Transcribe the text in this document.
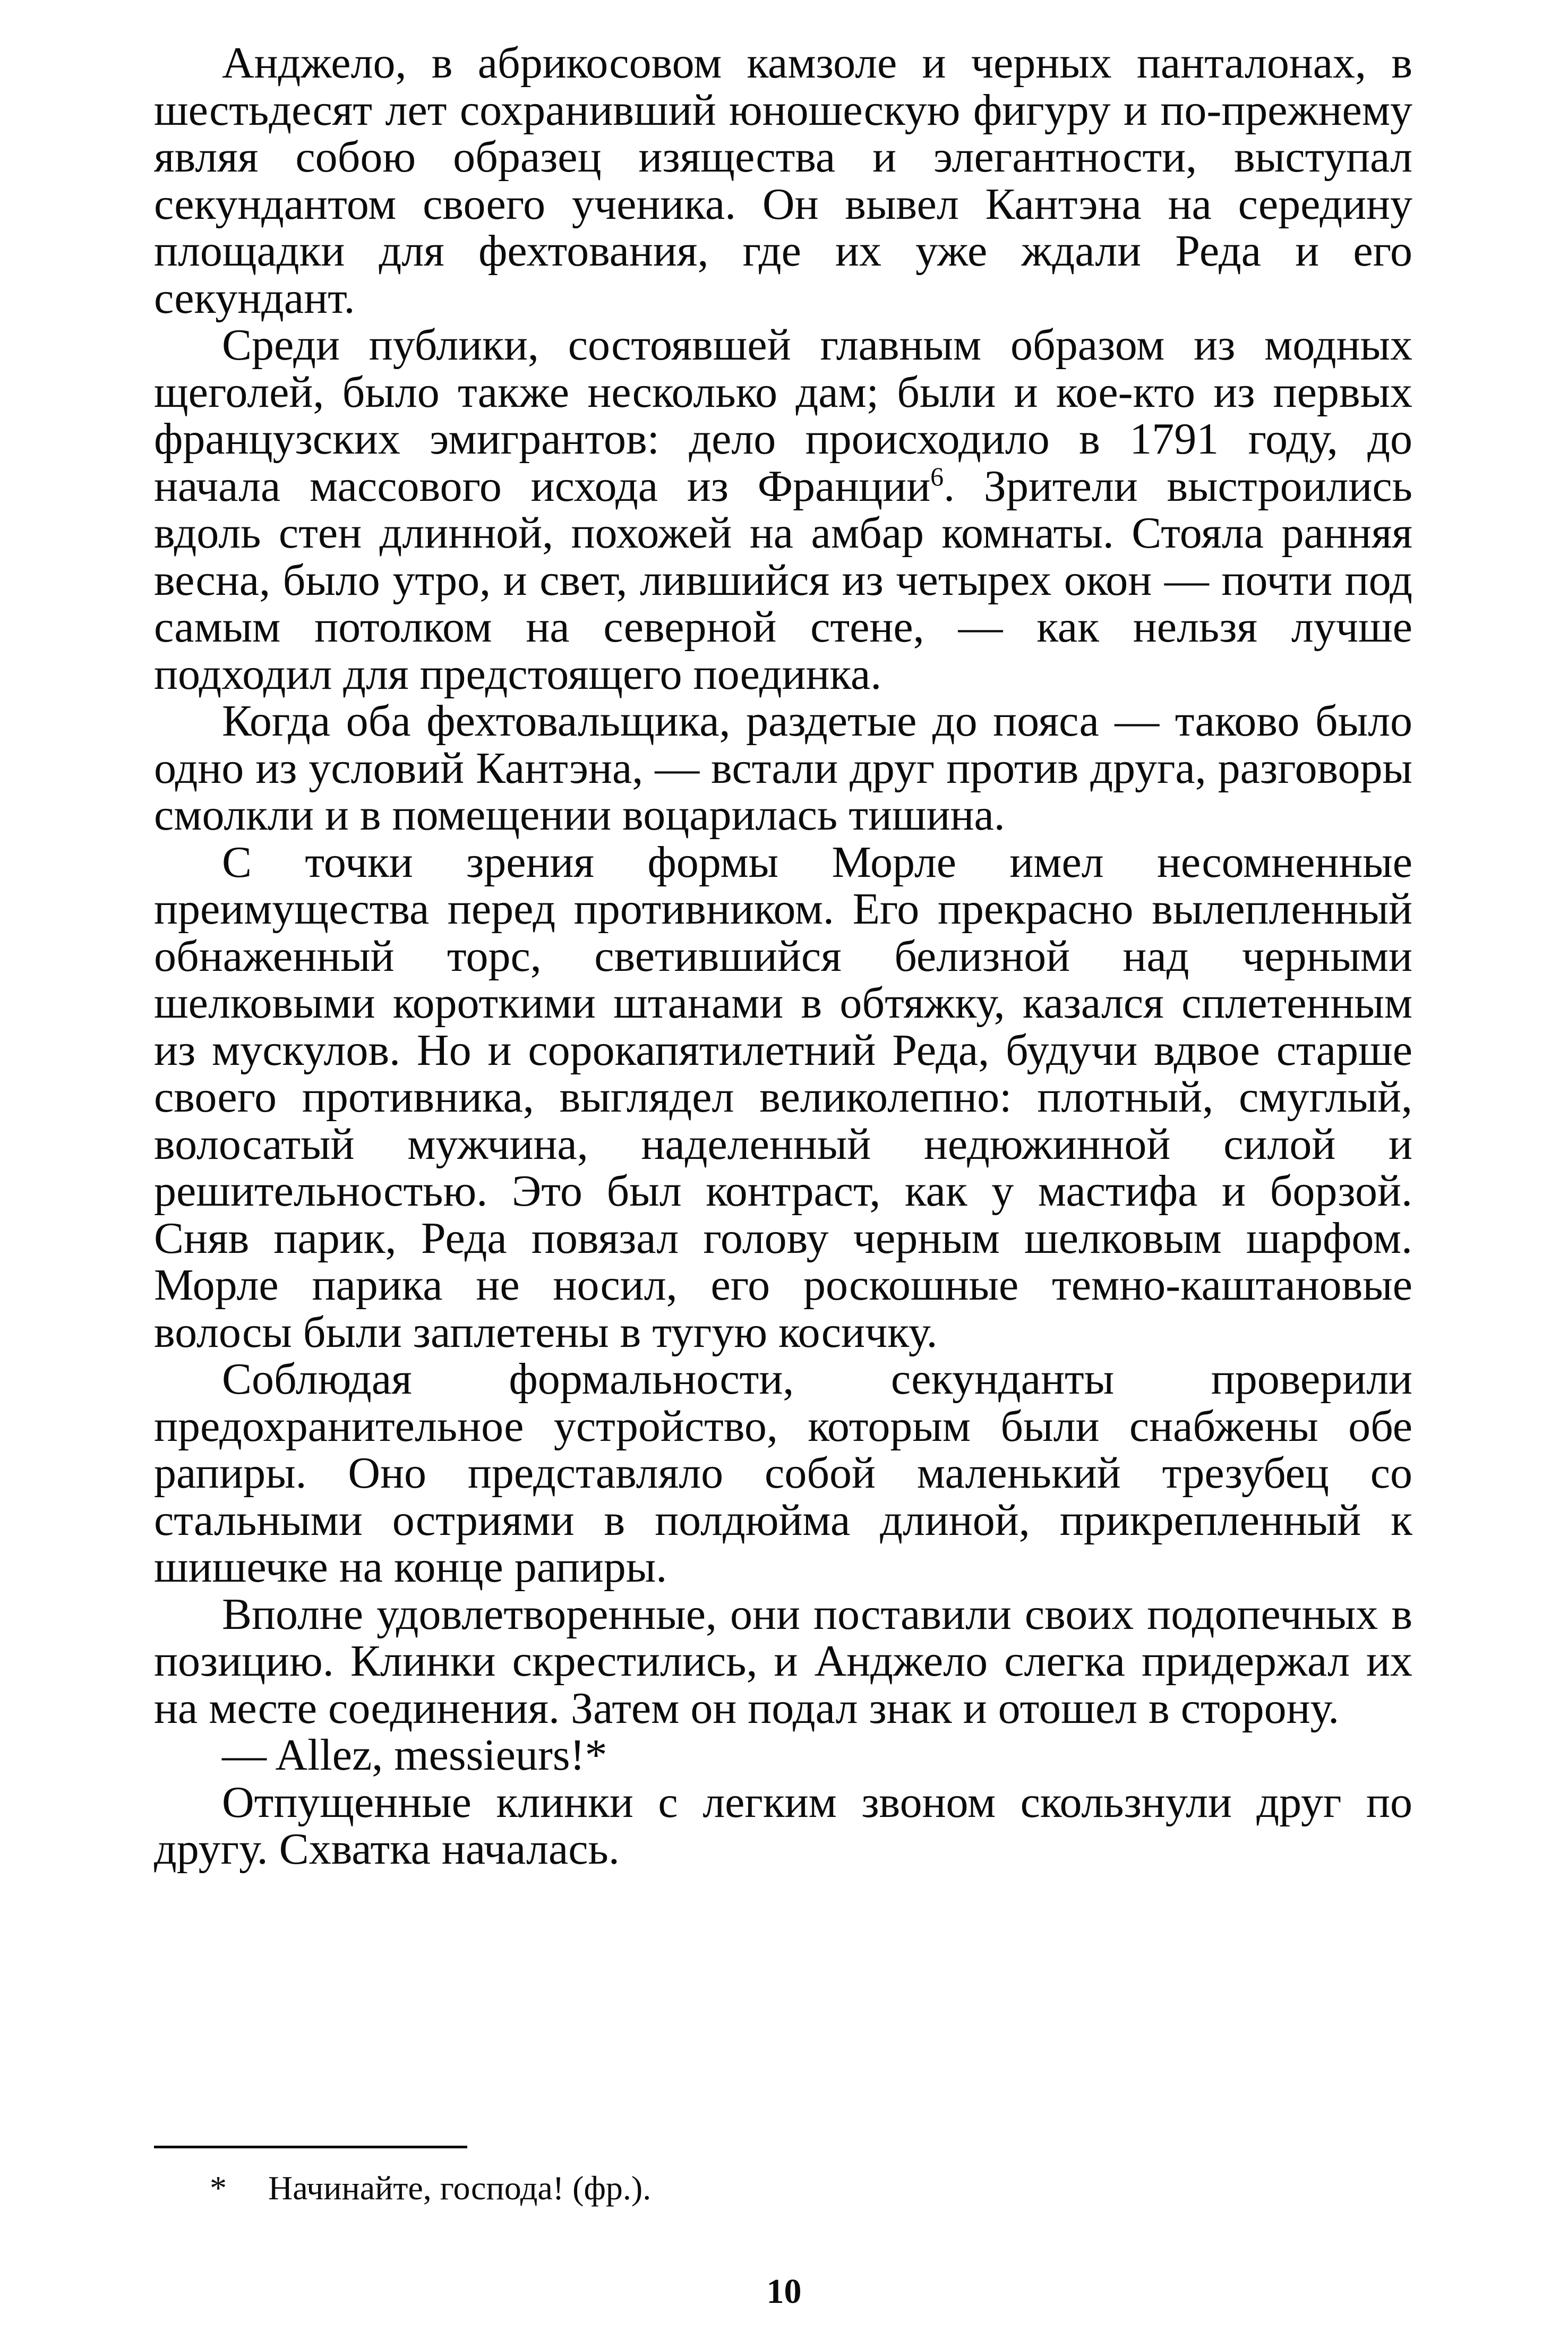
Анджело, в абрикосовом камзоле и черных панталонах, в шестьдесят лет сохранивший юношескую фигуру и по-прежнему являя собою образец изящества и элегантности, выступал секундантом своего ученика. Он вывел Кантэна на середину площадки для фехтования, где их уже ждали Реда и его секундант.

Среди публики, состоявшей главным образом из модных щеголей, было также несколько дам; были и кое-кто из первых французских эмигрантов: дело происходило в 1791 году, до начала массового исхода из Франции$^6$. Зрители выстроились вдоль стен длинной, похожей на амбар комнаты. Стояла ранняя весна, было утро, и свет, лившийся из четырех окон — почти под самым потолком на северной стене, — как нельзя лучше подходил для предстоящего поединка.

Когда оба фехтовальщика, раздетые до пояса — таково было одно из условий Кантэна, — встали друг против друга, разговоры смолкли и в помещении воцарилась тишина.

С точки зрения формы Морле имел несомненные преимущества перед противником. Его прекрасно вылепленный обнаженный торс, светившийся белизной над черными шелковыми короткими штанами в обтяжку, казался сплетенным из мускулов. Но и сорокапятилетний Реда, будучи вдвое старше своего противника, выглядел великолепно: плотный, смуглый, волосатый мужчина, наделенный недюжинной силой и решительностью. Это был контраст, как у мастифа и борзой. Сняв парик, Реда повязал голову черным шелковым шарфом. Морле парика не носил, его роскошные темно-каштановые волосы были заплетены в тугую косичку.

Соблюдая формальности, секунданты проверили предохранительное устройство, которым были снабжены обе рапиры. Оно представляло собой маленький трезубец со стальными остриями в полдюйма длиной, прикрепленный к шишечке на конце рапиры.

Вполне удовлетворенные, они поставили своих подопечных в позицию. Клинки скрестились, и Анджело слегка придержал их на месте соединения. Затем он подал знак и отошел в сторону.

— Allez, messieurs!*

Отпущенные клинки с легким звоном скользнули друг по другу. Схватка началась.

* Начинайте, господа! (фр.).
10
